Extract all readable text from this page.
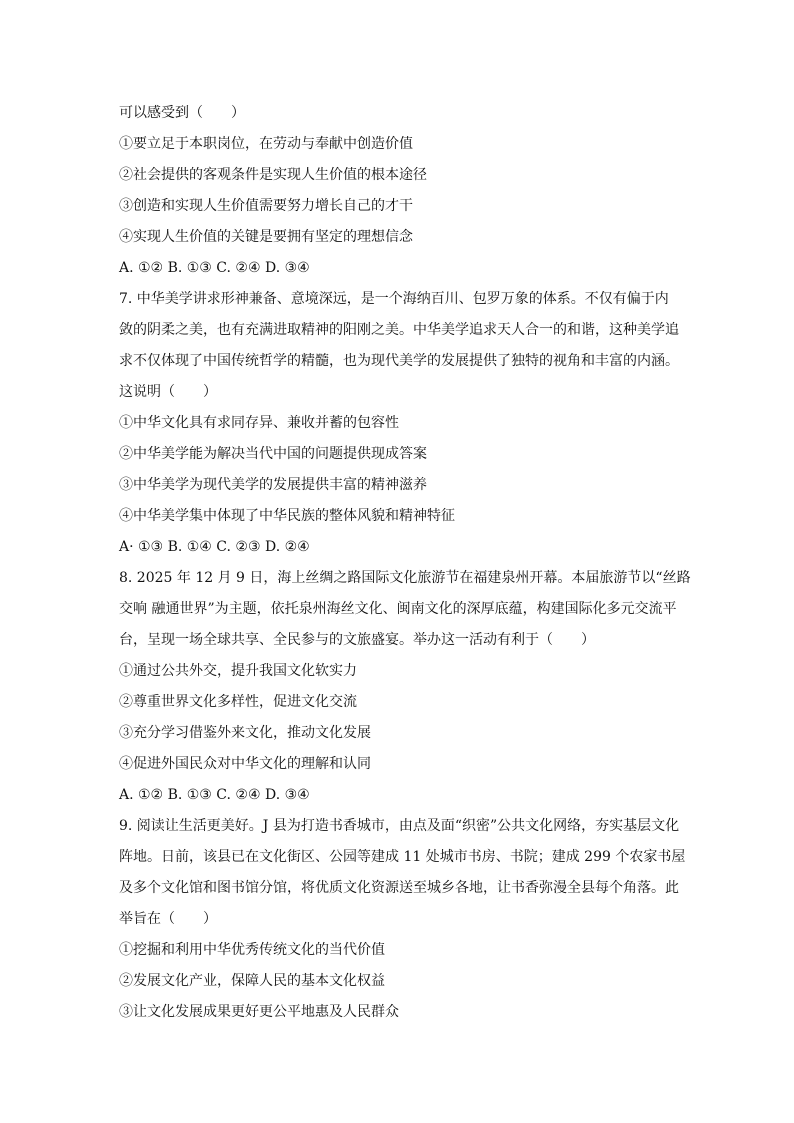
可以感受到（　　）
①要立足于本职岗位，在劳动与奉献中创造价值
②社会提供的客观条件是实现人生价值的根本途径
③创造和实现人生价值需要努力增长自己的才干
④实现人生价值的关键是要拥有坚定的理想信念
A. ①② B. ①③ C. ②④ D. ③④
7. 中华美学讲求形神兼备、意境深远，是一个海纳百川、包罗万象的体系。不仅有偏于内
敛的阴柔之美，也有充满进取精神的阳刚之美。中华美学追求天人合一的和谐，这种美学追
求不仅体现了中国传统哲学的精髓，也为现代美学的发展提供了独特的视角和丰富的内涵。
这说明（　　）
①中华文化具有求同存异、兼收并蓄的包容性
②中华美学能为解决当代中国的问题提供现成答案
③中华美学为现代美学的发展提供丰富的精神滋养
④中华美学集中体现了中华民族的整体风貌和精神特征
A· ①③ B. ①④ C. ②③ D. ②④
8. 2025 年 12 月 9 日，海上丝绸之路国际文化旅游节在福建泉州开幕。本届旅游节以“丝路
交响 融通世界”为主题，依托泉州海丝文化、闽南文化的深厚底蕴，构建国际化多元交流平
台，呈现一场全球共享、全民参与的文旅盛宴。举办这一活动有利于（　　）
①通过公共外交，提升我国文化软实力
②尊重世界文化多样性，促进文化交流
③充分学习借鉴外来文化，推动文化发展
④促进外国民众对中华文化的理解和认同
A. ①② B. ①③ C. ②④ D. ③④
9. 阅读让生活更美好。J 县为打造书香城市，由点及面“织密”公共文化网络，夯实基层文化
阵地。日前，该县已在文化街区、公园等建成 11 处城市书房、书院；建成 299 个农家书屋
及多个文化馆和图书馆分馆，将优质文化资源送至城乡各地，让书香弥漫全县每个角落。此
举旨在（　　）
①挖掘和利用中华优秀传统文化的当代价值
②发展文化产业，保障人民的基本文化权益
③让文化发展成果更好更公平地惠及人民群众
